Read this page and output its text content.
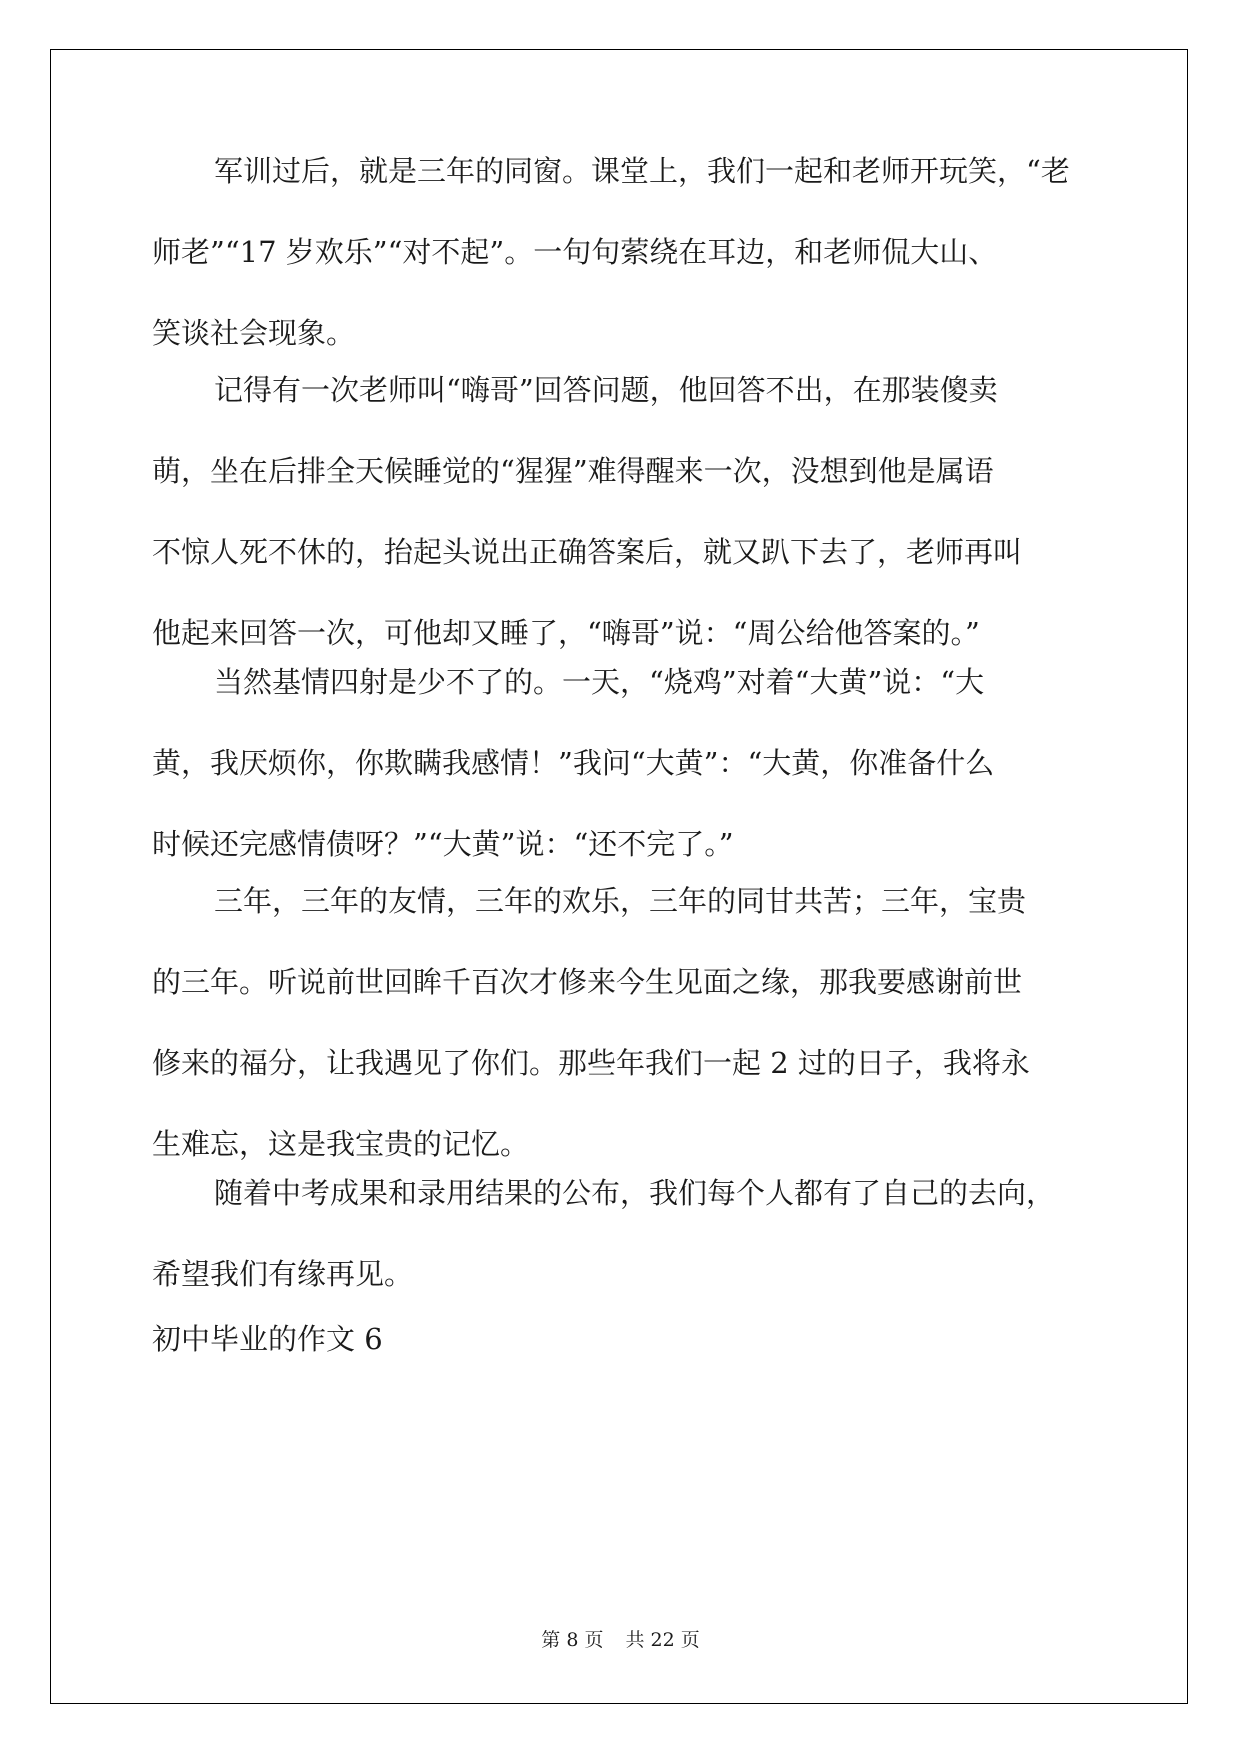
军训过后，就是三年的同窗。课堂上，我们一起和老师开玩笑，“老
师老”“17 岁欢乐”“对不起”。一句句萦绕在耳边，和老师侃大山、
笑谈社会现象。
记得有一次老师叫“嗨哥”回答问题，他回答不出，在那装傻卖
萌，坐在后排全天候睡觉的“猩猩”难得醒来一次，没想到他是属语
不惊人死不休的，抬起头说出正确答案后，就又趴下去了，老师再叫
他起来回答一次，可他却又睡了，“嗨哥”说：“周公给他答案的。”
当然基情四射是少不了的。一天，“烧鸡”对着“大黄”说：“大
黄，我厌烦你，你欺瞒我感情！”我问“大黄”：“大黄，你准备什么
时候还完感情债呀？”“大黄”说：“还不完了。”
三年，三年的友情，三年的欢乐，三年的同甘共苦；三年，宝贵
的三年。听说前世回眸千百次才修来今生见面之缘，那我要感谢前世
修来的福分，让我遇见了你们。那些年我们一起 2 过的日子，我将永
生难忘，这是我宝贵的记忆。
随着中考成果和录用结果的公布，我们每个人都有了自己的去向，
希望我们有缘再见。
初中毕业的作文 6
第 8 页 共 22 页
